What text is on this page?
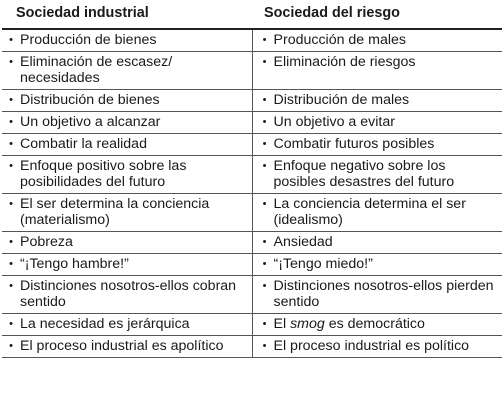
Sociedad industrial	Sociedad del riesgo

• Producción de bienes	• Producción de males

• Eliminación de escasez/ necesidades	• Eliminación de riesgos

• Distribución de bienes	• Distribución de males

• Un objetivo a alcanzar	• Un objetivo a evitar

• Combatir la realidad	• Combatir futuros posibles

• Enfoque positivo sobre las posibilidades del futuro	• Enfoque negativo sobre los posibles desastres del futuro

• El ser determina la conciencia (materialismo)	• La conciencia determina el ser (idealismo)

• Pobreza	• Ansiedad

• “¡Tengo hambre!”	• “¡Tengo miedo!”

• Distinciones nosotros-ellos cobran sentido	• Distinciones nosotros-ellos pierden sentido

• La necesidad es jerárquica	• El smog es democrático

• El proceso industrial es apolítico	• El proceso industrial es político
